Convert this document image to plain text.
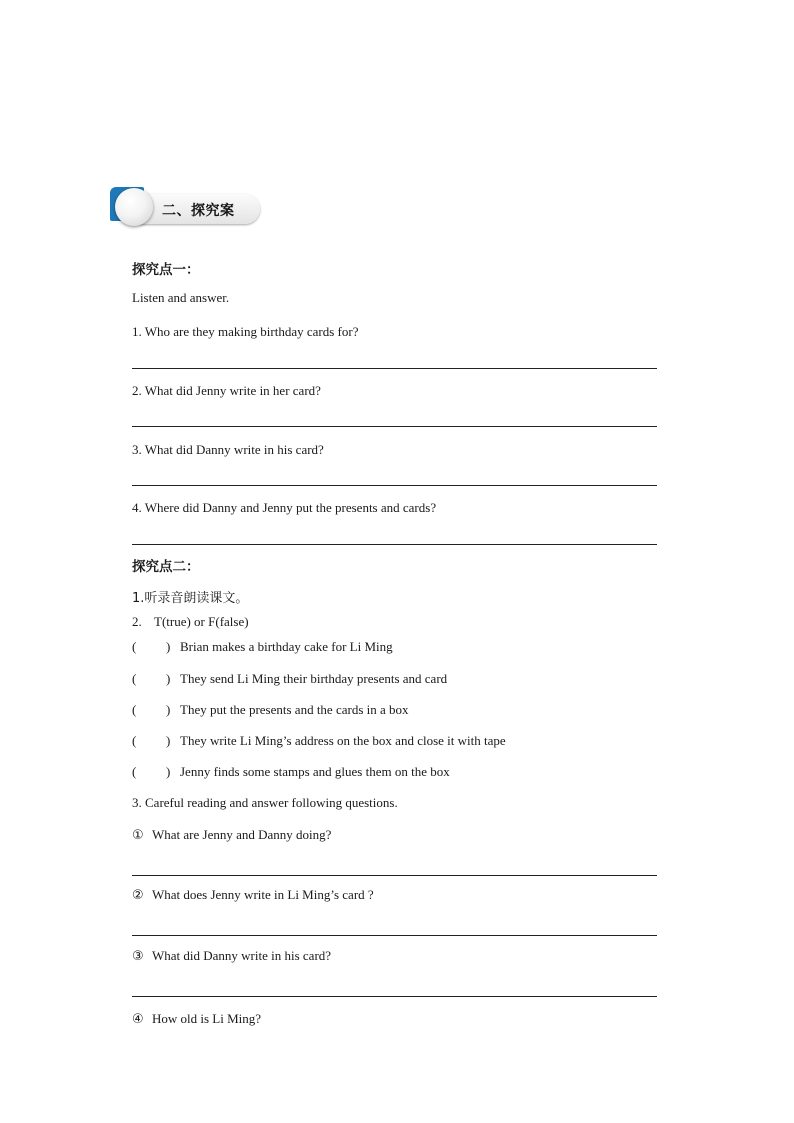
二、探究案
探究点一：
Listen and answer.
1. Who are they making birthday cards for?
2. What did Jenny write in her card?
3. What did Danny write in his card?
4. Where did Danny and Jenny put the presents and cards?
探究点二：
1.听录音朗读课文。
2. T(true) or F(false)
( ) Brian makes a birthday cake for Li Ming
( ) They send Li Ming their birthday presents and card
( ) They put the presents and the cards in a box
( ) They write Li Ming’s address on the box and close it with tape
( ) Jenny finds some stamps and glues them on the box
3. Careful reading and answer following questions.
① What are Jenny and Danny doing?
② What does Jenny write in Li Ming’s card ?
③ What did Danny write in his card?
④ How old is Li Ming?
